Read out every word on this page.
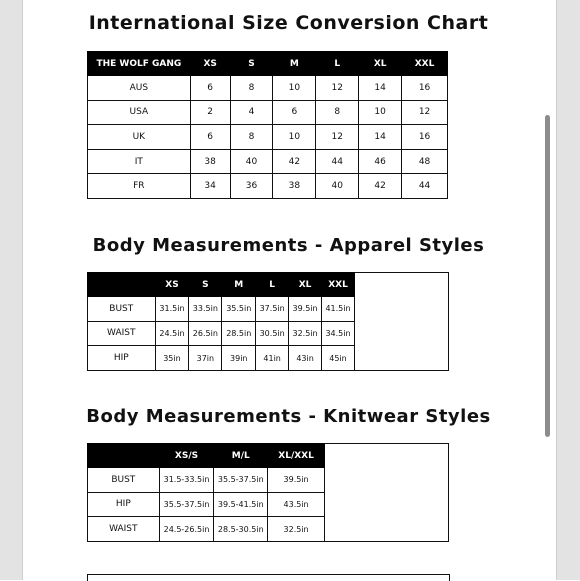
International Size Conversion Chart
THE WOLF GANG	XS	S	M	L	XL	XXL
AUS	6	8	10	12	14	16
USA	2	4	6	8	10	12
UK	6	8	10	12	14	16
IT	38	40	42	44	46	48
FR	34	36	38	40	42	44
Body Measurements - Apparel Styles
	XS	S	M	L	XL	XXL
BUST	31.5in	33.5in	35.5in	37.5in	39.5in	41.5in
WAIST	24.5in	26.5in	28.5in	30.5in	32.5in	34.5in
HIP	35in	37in	39in	41in	43in	45in
Body Measurements - Knitwear Styles
	XS/S	M/L	XL/XXL
BUST	31.5-33.5in	35.5-37.5in	39.5in
HIP	35.5-37.5in	39.5-41.5in	43.5in
WAIST	24.5-26.5in	28.5-30.5in	32.5in
